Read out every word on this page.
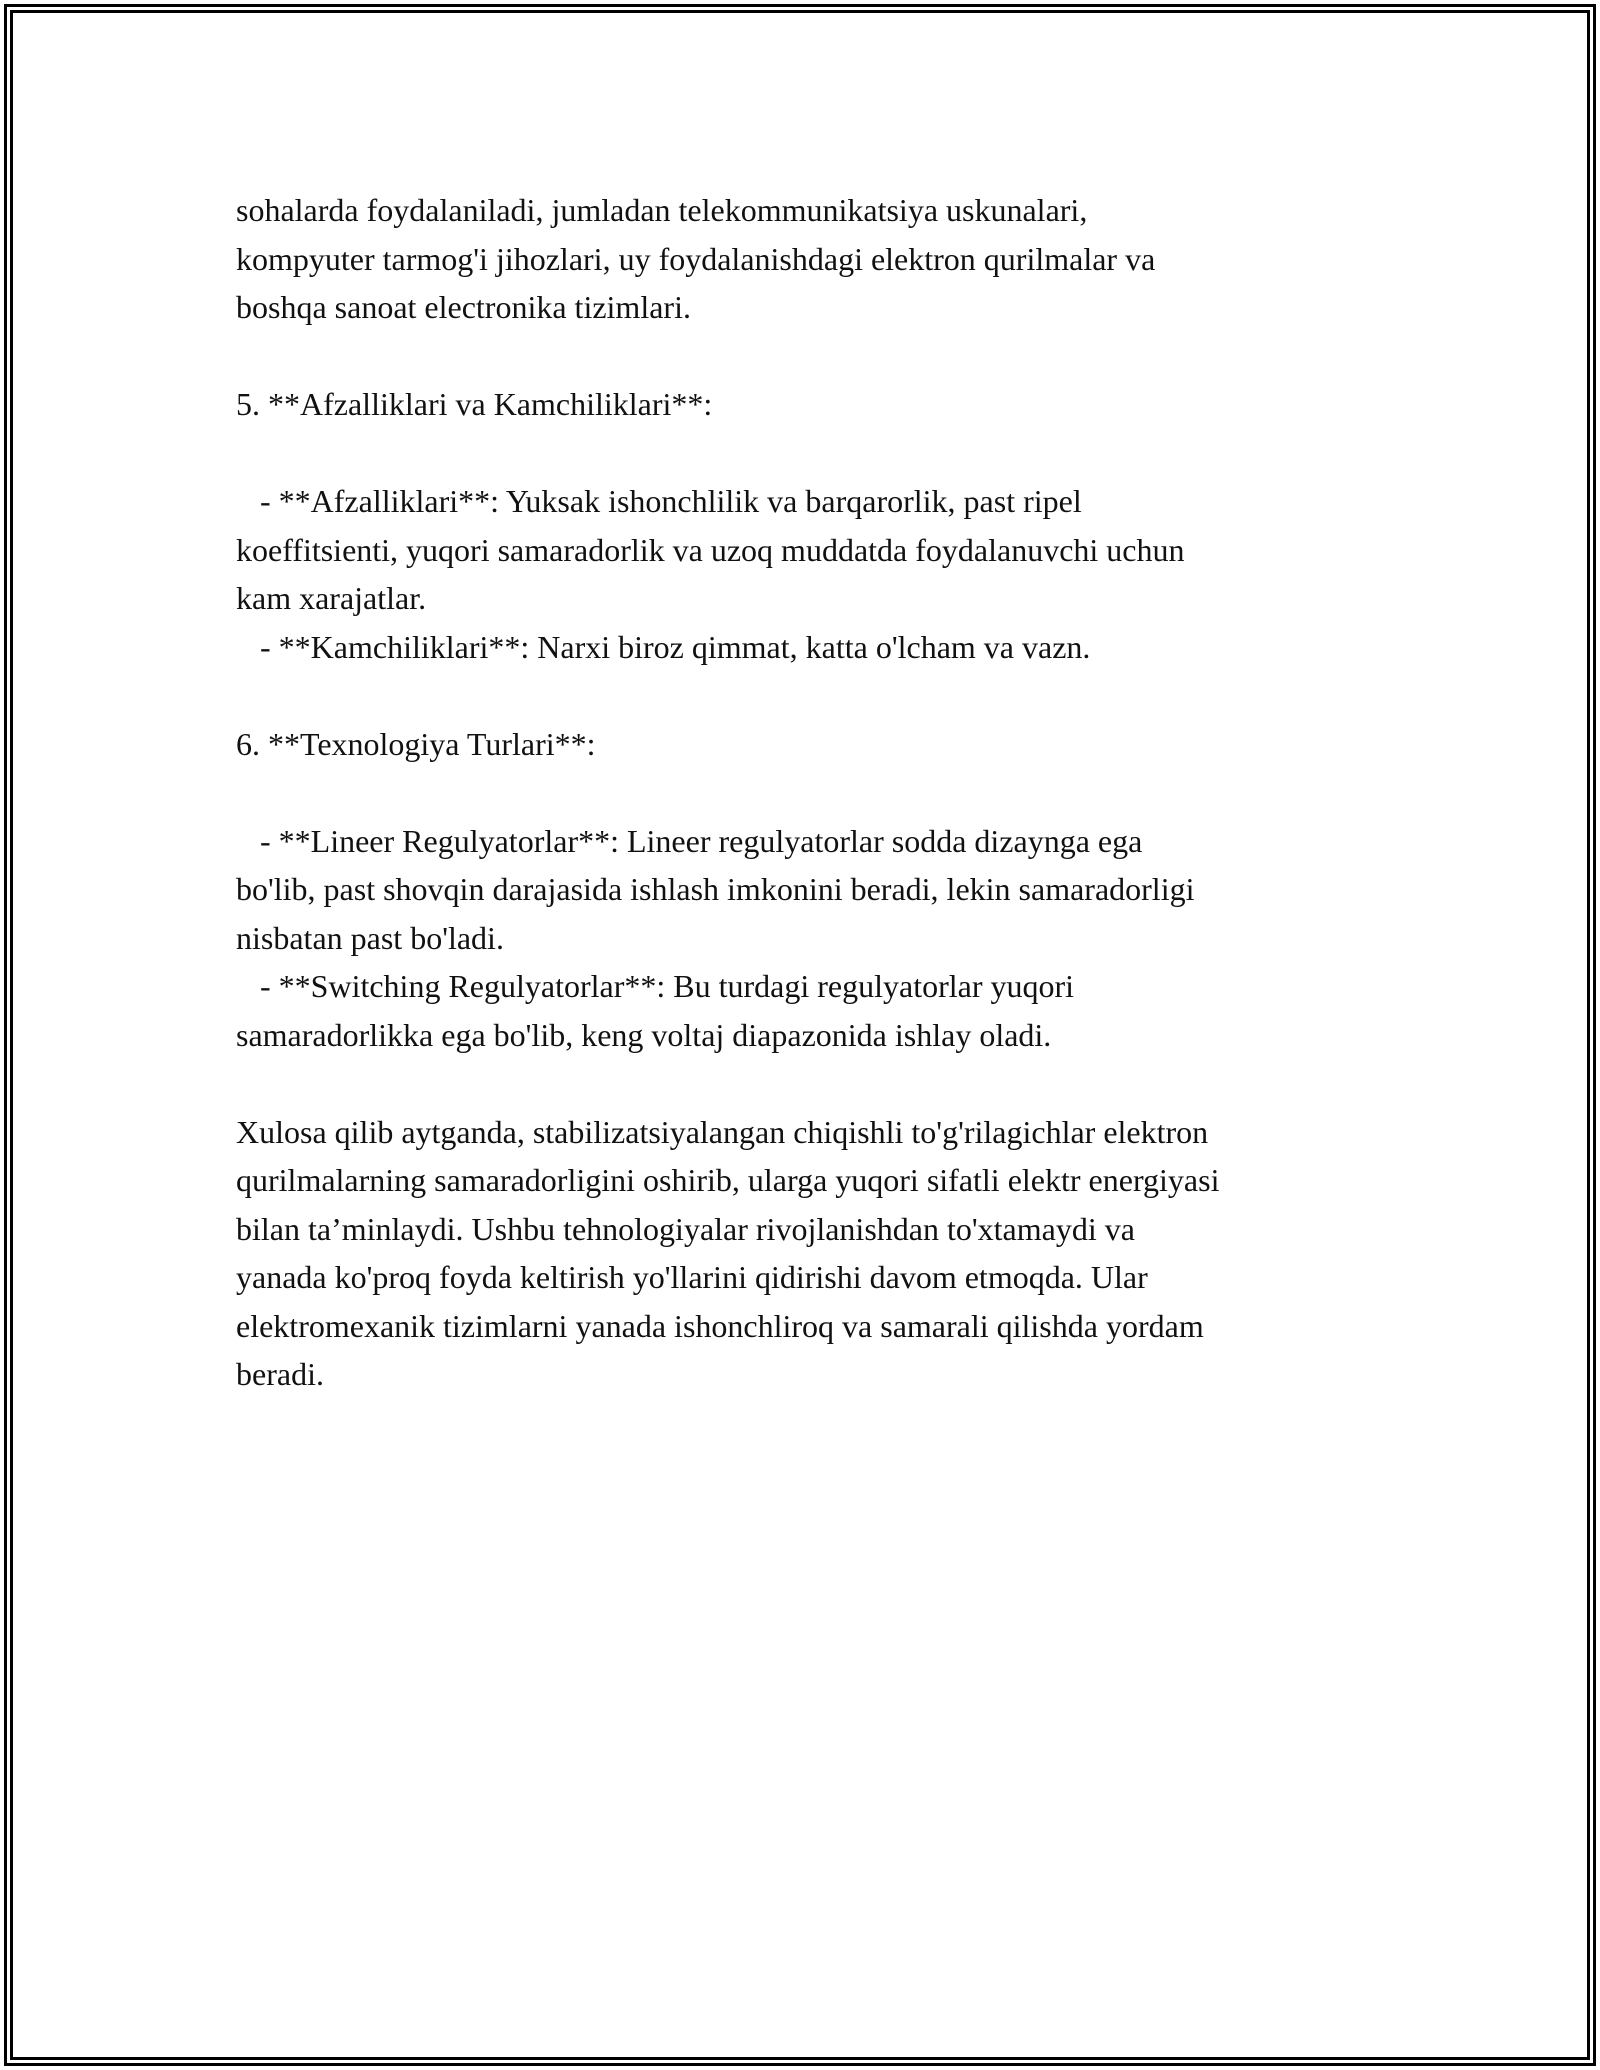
sohalarda foydalaniladi, jumladan telekommunikatsiya uskunalari,

kompyuter tarmog'i jihozlari, uy foydalanishdagi elektron qurilmalar va

boshqa sanoat electronika tizimlari.

5. **Afzalliklari va Kamchiliklari**:

- **Afzalliklari**: Yuksak ishonchlilik va barqarorlik, past ripel

koeffitsienti, yuqori samaradorlik va uzoq muddatda foydalanuvchi uchun

kam xarajatlar.

- **Kamchiliklari**: Narxi biroz qimmat, katta o'lcham va vazn.

6. **Texnologiya Turlari**:

- **Lineer Regulyatorlar**: Lineer regulyatorlar sodda dizaynga ega

bo'lib, past shovqin darajasida ishlash imkonini beradi, lekin samaradorligi

nisbatan past bo'ladi.

- **Switching Regulyatorlar**: Bu turdagi regulyatorlar yuqori

samaradorlikka ega bo'lib, keng voltaj diapazonida ishlay oladi.

Xulosa qilib aytganda, stabilizatsiyalangan chiqishli to'g'rilagichlar elektron

qurilmalarning samaradorligini oshirib, ularga yuqori sifatli elektr energiyasi

bilan ta’minlaydi. Ushbu tehnologiyalar rivojlanishdan to'xtamaydi va

yanada ko'proq foyda keltirish yo'llarini qidirishi davom etmoqda. Ular

elektromexanik tizimlarni yanada ishonchliroq va samarali qilishda yordam

beradi.
